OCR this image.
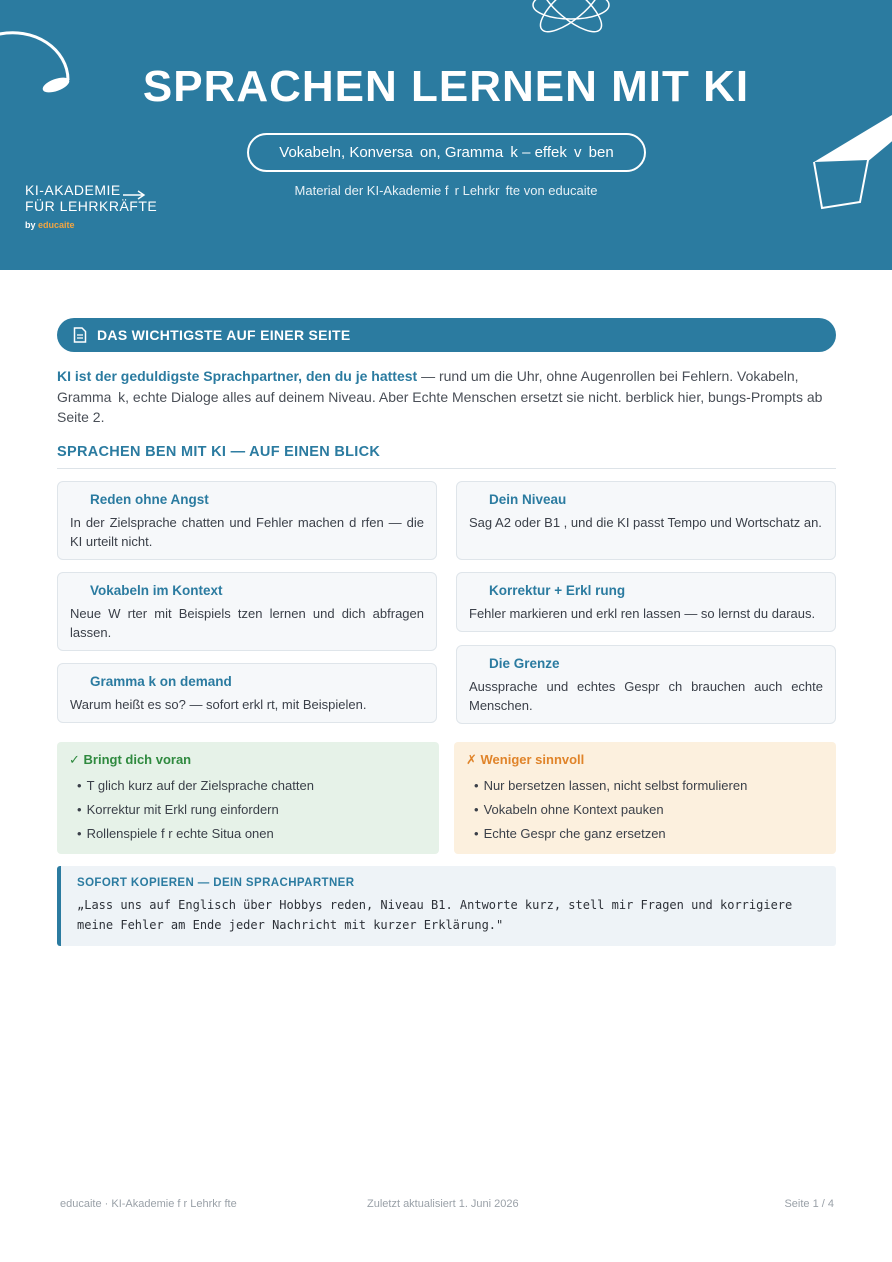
SPRACHEN LERNEN MIT KI
Vokabeln, Konversa  on, Gramma  k – effek  v  ben
Material der KI-Akademie f  r Lehrkr  fte von educaite
KI-AKADEMIE
FÜR LEHRKRÄFTE
by educaite
DAS WICHTIGSTE AUF EINER SEITE
KI ist der geduldigste Sprachpartner, den du je hattest — rund um die Uhr, ohne Augenrollen bei Fehlern. Vokabeln, Gramma  k, echte Dialoge alles auf deinem Niveau. Aber Echte Menschen ersetzt sie nicht. berblick hier, bungs-Prompts ab Seite 2.
SPRACHEN BEN MIT KI — AUF EINEN BLICK
Reden ohne Angst
In der Zielsprache chatten und Fehler machen d rfen — die KI urteilt nicht.
Dein Niveau
Sag A2 oder B1 , und die KI passt Tempo und Wortschatz an.
Vokabeln im Kontext
Neue W rter mit Beispiels tzen lernen und dich abfragen lassen.
Korrektur + Erkl rung
Fehler markieren und erkl ren lassen — so lernst du daraus.
Gramma k on demand
Warum heißt es so? — sofort erkl rt, mit Beispielen.
Die Grenze
Aussprache und echtes Gespr ch brauchen auch echte Menschen.
✓ Bringt dich voran
• T glich kurz auf der Zielsprache chatten
• Korrektur mit Erkl rung einfordern
• Rollenspiele f r echte Situa onen
✗ Weniger sinnvoll
• Nur bersetzen lassen, nicht selbst formulieren
• Vokabeln ohne Kontext pauken
• Echte Gespr che ganz ersetzen
SOFORT KOPIEREN — DEIN SPRACHPARTNER
„Lass uns auf Englisch über Hobbys reden, Niveau B1. Antworte kurz, stell mir Fragen und korrigiere meine Fehler am Ende jeder Nachricht mit kurzer Erklärung."
educaite · KI-Akademie f r Lehrkr fte	Zuletzt aktualisiert 1. Juni 2026	Seite 1 / 4
